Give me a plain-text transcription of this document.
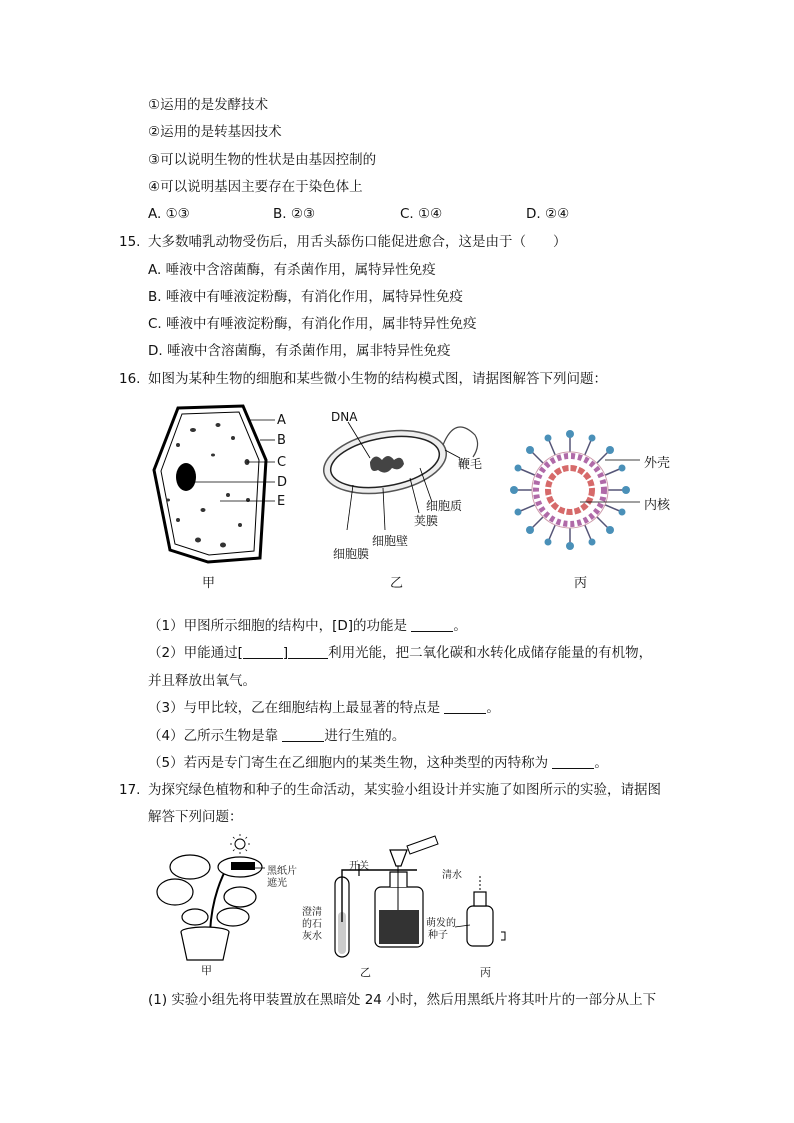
①运用的是发酵技术
②运用的是转基因技术
③可以说明生物的性状是由基因控制的
④可以说明基因主要存在于染色体上
A. ①③	B. ②③	C. ①④	D. ②④
15. 大多数哺乳动物受伤后，用舌头舔伤口能促进愈合，这是由于（　　）
A. 唾液中含溶菌酶，有杀菌作用，属特异性免疫
B. 唾液中有唾液淀粉酶，有消化作用，属特异性免疫
C. 唾液中有唾液淀粉酶，有消化作用，属非特异性免疫
D. 唾液中含溶菌酶，有杀菌作用，属非特异性免疫
16. 如图为某种生物的细胞和某些微小生物的结构模式图，请据图解答下列问题：
A
B
C
D
E
DNA
鞭毛
细胞质
荚膜
细胞膜
细胞壁
外壳
内核
甲	乙	丙
（1）甲图所示细胞的结构中，[D]的功能是	。
（2）甲能通过[	]	利用光能，把二氧化碳和水转化成储存能量的有机物，
并且释放出氧气。
（3）与甲比较，乙在细胞结构上最显著的特点是	。
（4）乙所示生物是靠	进行生殖的。
（5）若丙是专门寄生在乙细胞内的某类生物，这种类型的丙特称为	。
17. 为探究绿色植物和种子的生命活动，某实验小组设计并实施了如图所示的实验，请据图
解答下列问题：
黑纸片
遮光
开关
清水
澄清
的石
灰水
萌发的
种子
甲	乙	丙
(1) 实验小组先将甲装置放在黑暗处 24 小时，然后用黑纸片将其叶片的一部分从上下
